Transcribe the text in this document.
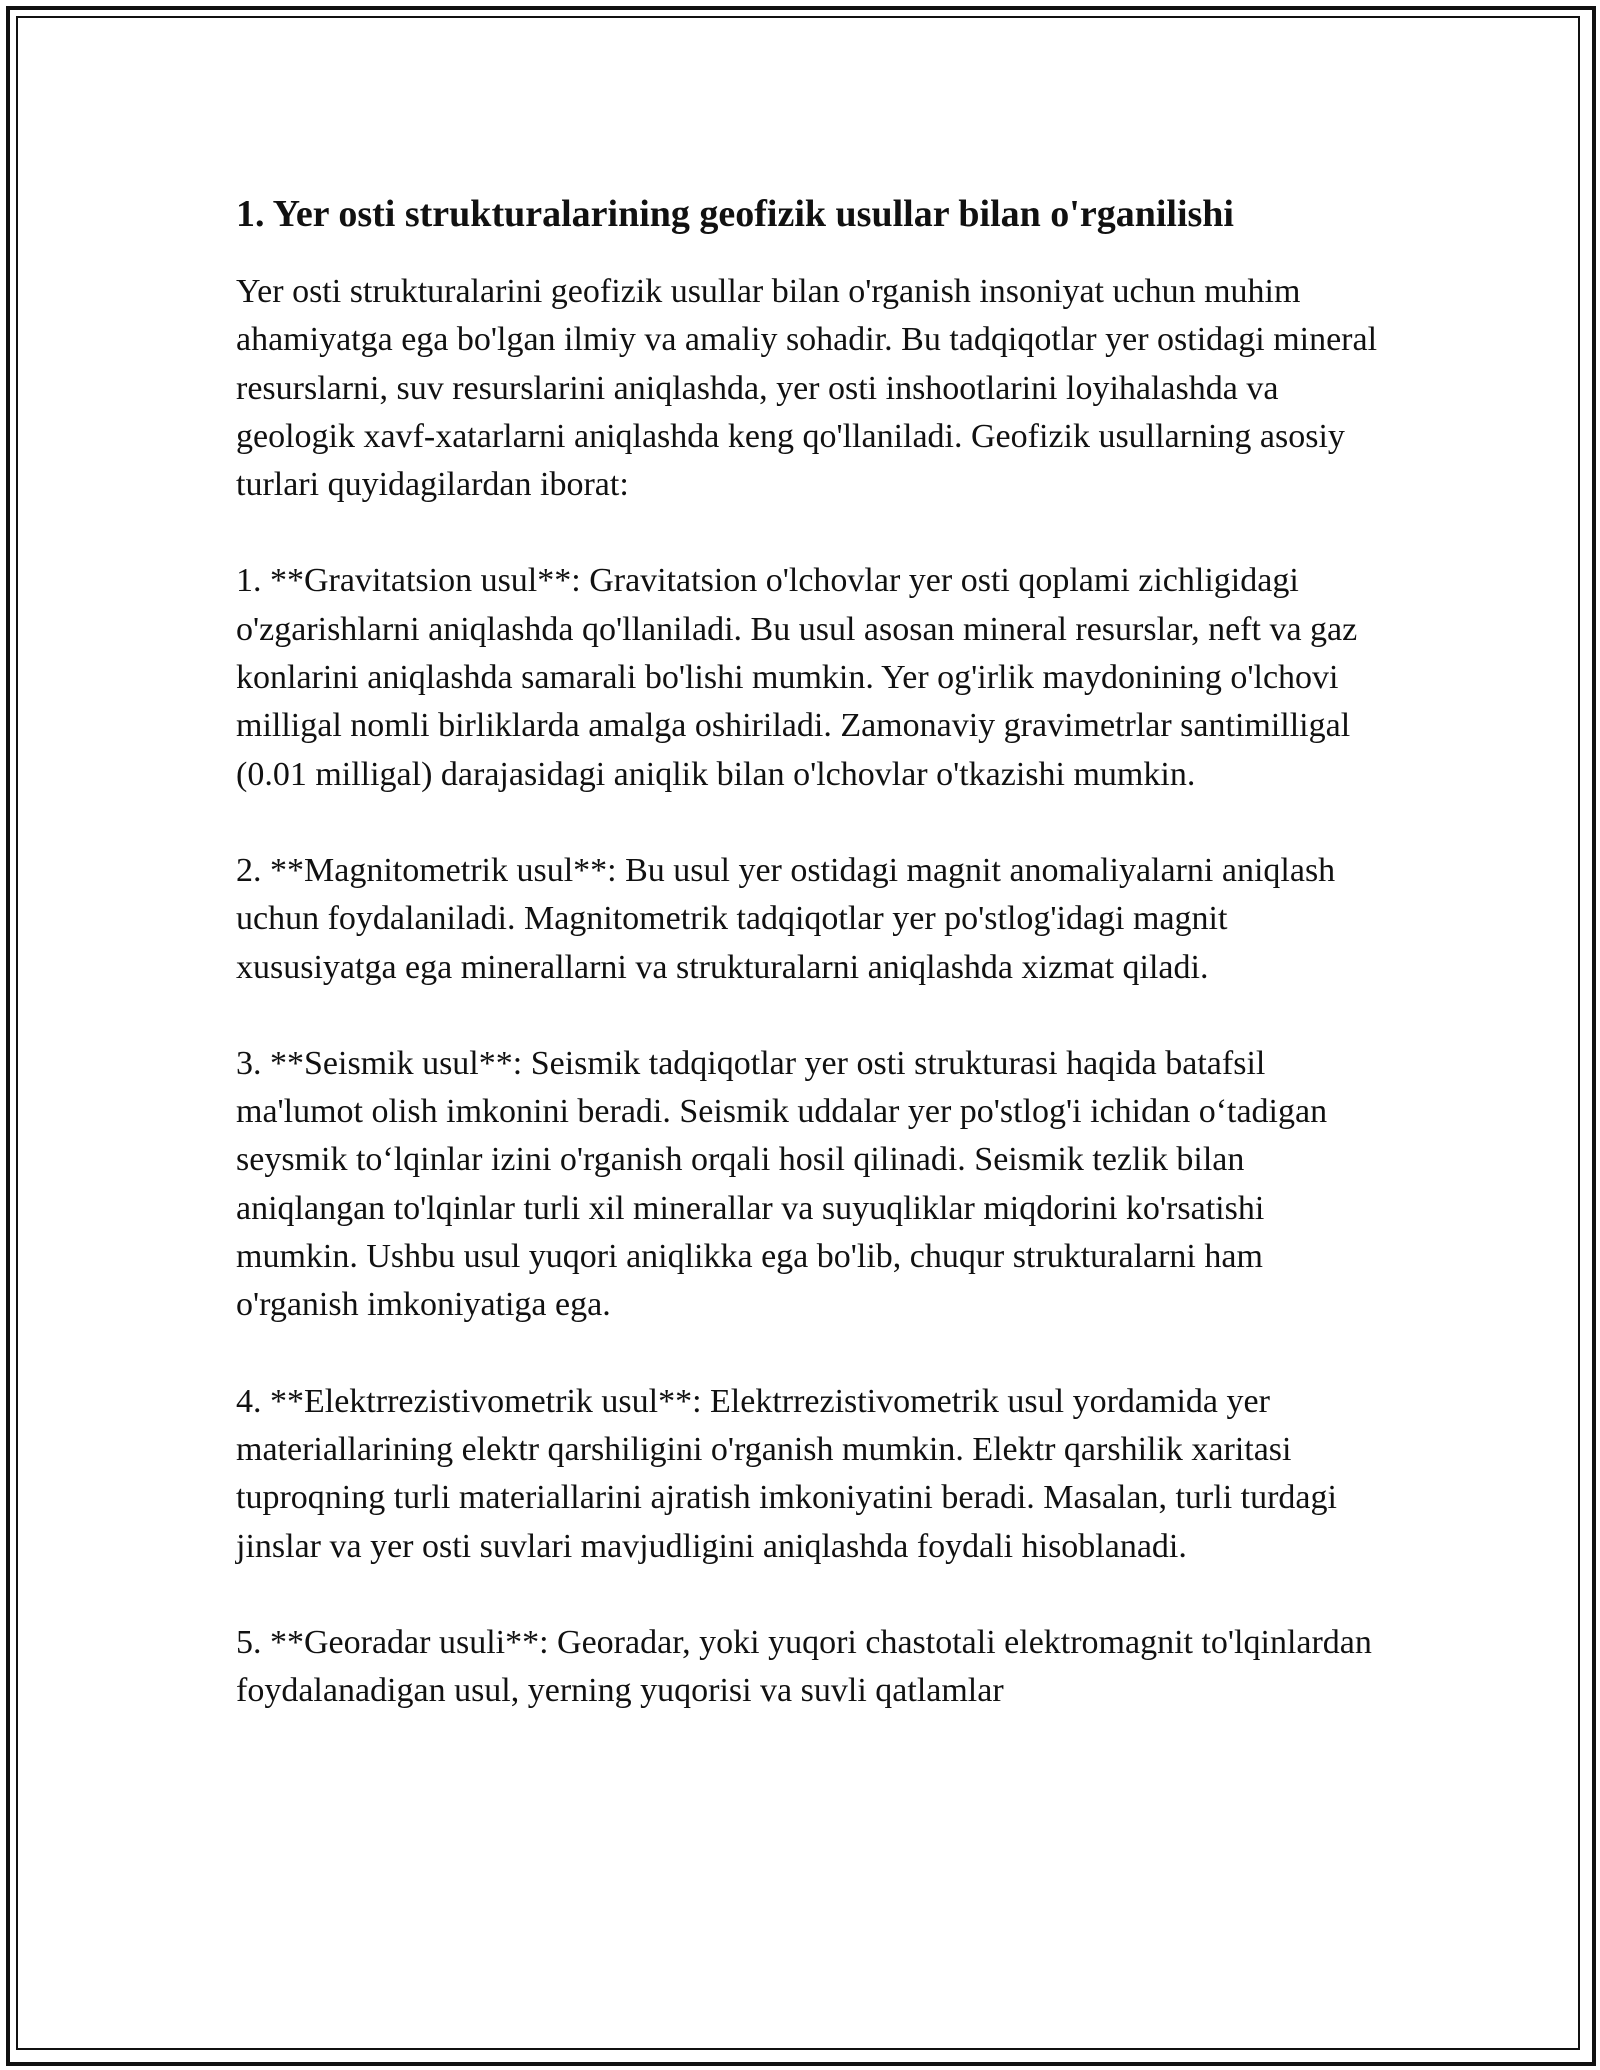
1. Yer osti strukturalarining geofizik usullar bilan o'rganilishi

Yer osti strukturalarini geofizik usullar bilan o'rganish insoniyat uchun muhim ahamiyatga ega bo'lgan ilmiy va amaliy sohadir. Bu tadqiqotlar yer ostidagi mineral resurslarni, suv resurslarini aniqlashda, yer osti inshootlarini loyihalashda va geologik xavf-xatarlarni aniqlashda keng qo'llaniladi. Geofizik usullarning asosiy turlari quyidagilardan iborat:

1. **Gravitatsion usul**: Gravitatsion o'lchovlar yer osti qoplami zichligidagi o'zgarishlarni aniqlashda qo'llaniladi. Bu usul asosan mineral resurslar, neft va gaz konlarini aniqlashda samarali bo'lishi mumkin. Yer og'irlik maydonining o'lchovi milligal nomli birliklarda amalga oshiriladi. Zamonaviy gravimetrlar santimilligal (0.01 milligal) darajasidagi aniqlik bilan o'lchovlar o'tkazishi mumkin.

2. **Magnitometrik usul**: Bu usul yer ostidagi magnit anomaliyalarni aniqlash uchun foydalaniladi. Magnitometrik tadqiqotlar yer po'stlog'idagi magnit xususiyatga ega minerallarni va strukturalarni aniqlashda xizmat qiladi.

3. **Seismik usul**: Seismik tadqiqotlar yer osti strukturasi haqida batafsil ma'lumot olish imkonini beradi. Seismik uddalar yer po'stlog'i ichidan o‘tadigan seysmik to‘lqinlar izini o'rganish orqali hosil qilinadi. Seismik tezlik bilan aniqlangan to'lqinlar turli xil minerallar va suyuqliklar miqdorini ko'rsatishi mumkin. Ushbu usul yuqori aniqlikka ega bo'lib, chuqur strukturalarni ham o'rganish imkoniyatiga ega.

4. **Elektrrezistivometrik usul**: Elektrrezistivometrik usul yordamida yer materiallarining elektr qarshiligini o'rganish mumkin. Elektr qarshilik xaritasi tuproqning turli materiallarini ajratish imkoniyatini beradi. Masalan, turli turdagi jinslar va yer osti suvlari mavjudligini aniqlashda foydali hisoblanadi.

5. **Georadar usuli**: Georadar, yoki yuqori chastotali elektromagnit to'lqinlardan foydalanadigan usul, yerning yuqorisi va suvli qatlamlar
